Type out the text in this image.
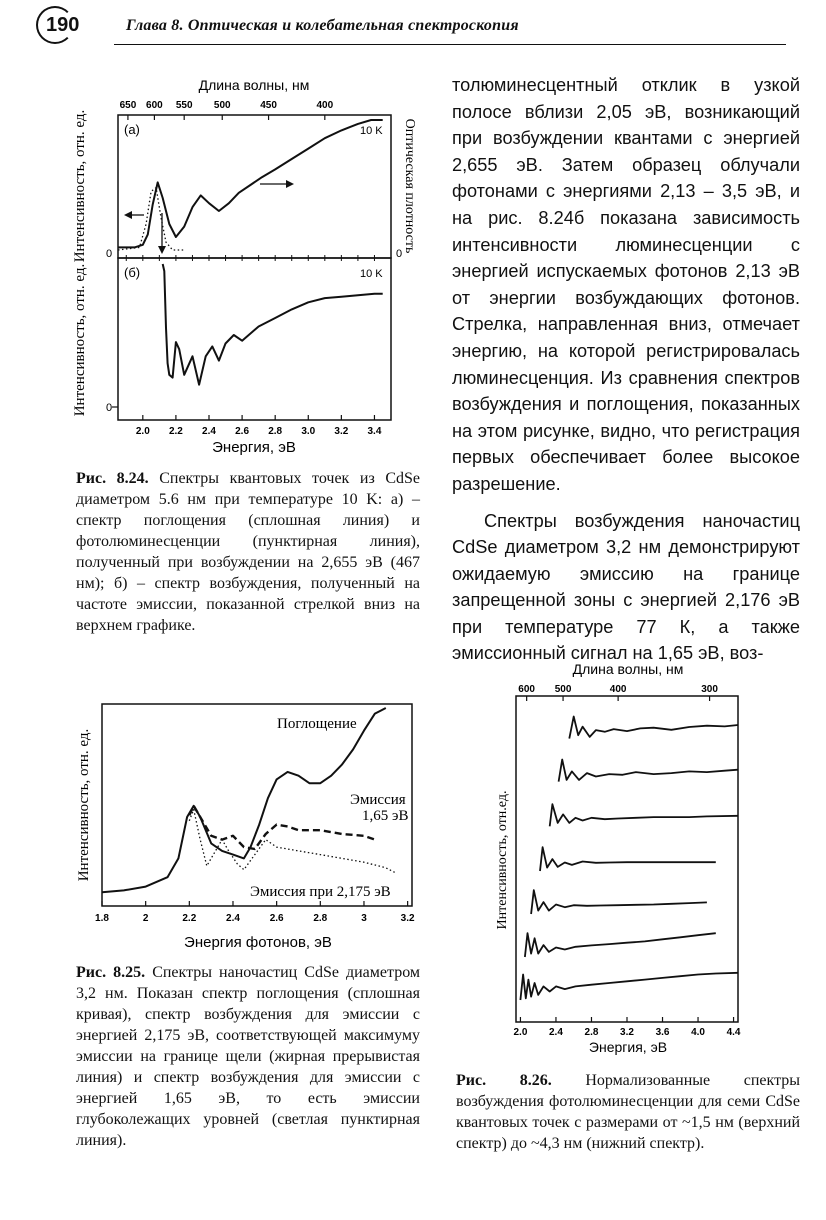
190	Глава 8. Оптическая и колебательная спектроскопия
Длина волны, нм
650 600 550 500	450	400
(а)	10 K
(б)	10 K
0	0
0
Интенсивность, отн. ед.
Интенсивность, отн. ед.
Оптическая плотность
2.0 2.2 2.4 2.6 2.8 3.0 3.2 3.4
Энергия, эВ
Рис. 8.24. Спектры квантовых точек из CdSe диаметром 5.6 нм при температуре 10 K: а) – спектр поглощения (сплошная линия) и фотолюминесценции (пунктирная линия), полученный при возбуждении на 2,655 эВ (467 нм); б) – спектр возбуждения, полученный на частоте эмиссии, показанной стрелкой вниз на верхнем графике.

толюминесцентный отклик в узкой полосе вблизи 2,05 эВ, возникающий при возбуждении квантами с энергией 2,655 эВ. Затем образец облучали фотонами с энергиями 2,13 – 3,5 эВ, и на рис. 8.24б показана зависимость интенсивности люминесценции с энергией испускаемых фотонов 2,13 эВ от энергии возбуждающих фотонов. Стрелка, направленная вниз, отмечает энергию, на которой регистрировалась люминесценция. Из сравнения спектров возбуждения и поглощения, показанных на этом рисунке, видно, что регистрация первых обеспечивает более высокое разрешение.

Спектры возбуждения наночастиц CdSe диаметром 3,2 нм демонстрируют ожидаемую эмиссию на границе запрещенной зоны с энергией 2,176 эВ при температуре 77 К, а также эмиссионный сигнал на 1,65 эВ, воз-

Интенсивность, отн. ед.
1.8	2	2.2	2.4	2.6	2.8	3	3.2
Энергия фотонов, эВ
Поглощение
Эмиссия
1,65 эВ
Эмиссия при 2,175 эВ
Рис. 8.25. Спектры наночастиц CdSe диаметром 3,2 нм. Показан спектр поглощения (сплошная кривая), спектр возбуждения для эмиссии с энергией 2,175 эВ, соответствующей максимуму эмиссии на границе щели (жирная прерывистая линия) и спектр возбуждения для эмиссии с энергией 1,65 эВ, то есть эмиссии глубоколежащих уровней (светлая пунктирная линия).
Длина волны, нм
600 500	400	300
Интенсивность, отн.ед.
2.0 2.4 2.8 3.2 3.6 4.0 4.4
Энергия, эВ
Рис. 8.26. Нормализованные спектры возбуждения фотолюминесценции для семи CdSe квантовых точек с размерами от ~1,5 нм (верхний спектр) до ~4,3 нм (нижний спектр).
